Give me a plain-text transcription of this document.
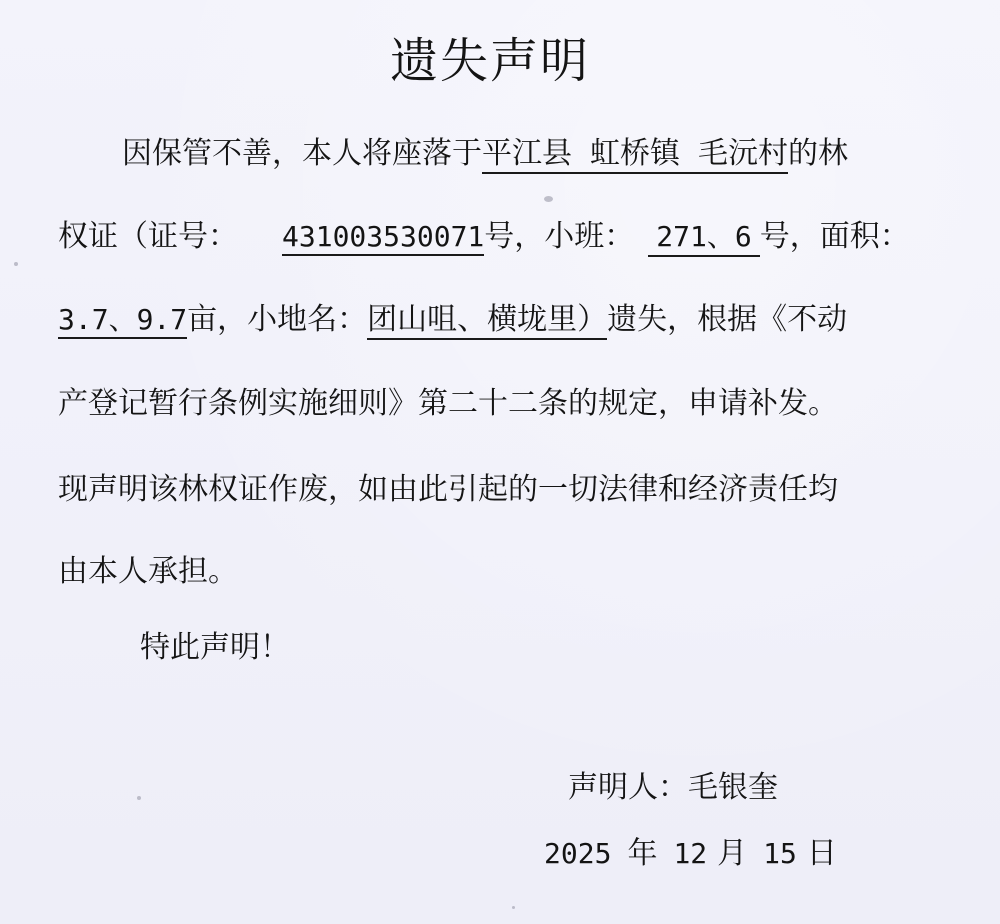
遗失声明
因保管不善，本人将座落于平江县 虹桥镇 毛沅村的林
权证（证号： 431003530071号，小班： 271、6 号，面积：
3.7、9.7亩，小地名：团山咀、横垅里）遗失，根据《不动
产登记暂行条例实施细则》第二十二条的规定，申请补发。
现声明该林权证作废，如由此引起的一切法律和经济责任均
由本人承担。
特此声明！
声明人：毛银奎
2025 年 12 月 15 日
